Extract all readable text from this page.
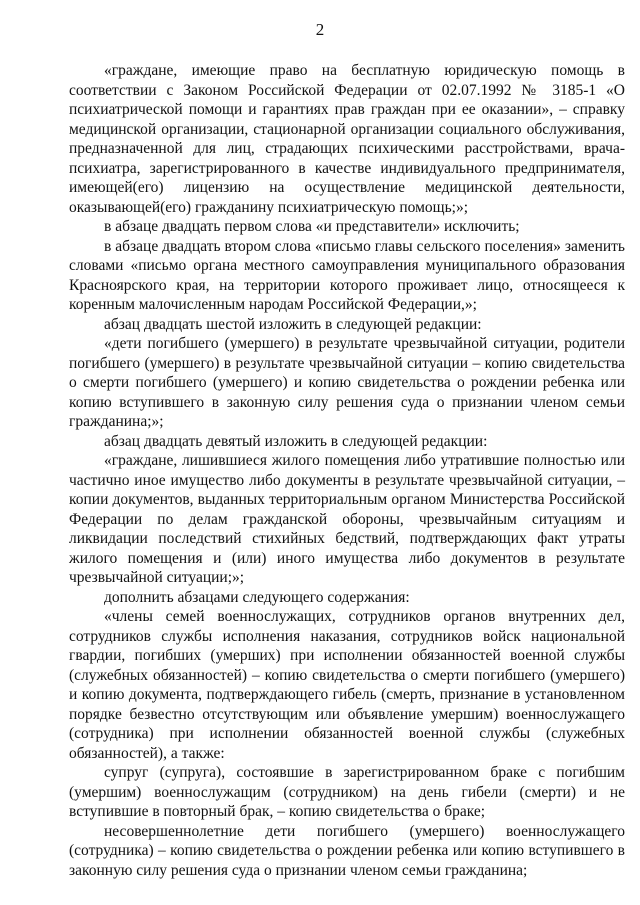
2

«граждане, имеющие право на бесплатную юридическую помощь в соответствии с Законом Российской Федерации от 02.07.1992 № 3185-1 «О психиатрической помощи и гарантиях прав граждан при ее оказании», – справку медицинской организации, стационарной организации социального обслуживания, предназначенной для лиц, страдающих психическими расстройствами, врача-психиатра, зарегистрированного в качестве индивидуального предпринимателя, имеющей(его) лицензию на осуществление медицинской деятельности, оказывающей(его) гражданину психиатрическую помощь;»;

в абзаце двадцать первом слова «и представители» исключить;

в абзаце двадцать втором слова «письмо главы сельского поселения» заменить словами «письмо органа местного самоуправления муниципального образования Красноярского края, на территории которого проживает лицо, относящееся к коренным малочисленным народам Российской Федерации,»;

абзац двадцать шестой изложить в следующей редакции:

«дети погибшего (умершего) в результате чрезвычайной ситуации, родители погибшего (умершего) в результате чрезвычайной ситуации – копию свидетельства о смерти погибшего (умершего) и копию свидетельства о рождении ребенка или копию вступившего в законную силу решения суда о признании членом семьи гражданина;»;

абзац двадцать девятый изложить в следующей редакции:

«граждане, лишившиеся жилого помещения либо утратившие полностью или частично иное имущество либо документы в результате чрезвычайной ситуации, – копии документов, выданных территориальным органом Министерства Российской Федерации по делам гражданской обороны, чрезвычайным ситуациям и ликвидации последствий стихийных бедствий, подтверждающих факт утраты жилого помещения и (или) иного имущества либо документов в результате чрезвычайной ситуации;»;

дополнить абзацами следующего содержания:

«члены семей военнослужащих, сотрудников органов внутренних дел, сотрудников службы исполнения наказания, сотрудников войск национальной гвардии, погибших (умерших) при исполнении обязанностей военной службы (служебных обязанностей) – копию свидетельства о смерти погибшего (умершего) и копию документа, подтверждающего гибель (смерть, признание в установленном порядке безвестно отсутствующим или объявление умершим) военнослужащего (сотрудника) при исполнении обязанностей военной службы (служебных обязанностей), а также:

супруг (супруга), состоявшие в зарегистрированном браке с погибшим (умершим) военнослужащим (сотрудником) на день гибели (смерти) и не вступившие в повторный брак, – копию свидетельства о браке;

несовершеннолетние дети погибшего (умершего) военнослужащего (сотрудника) – копию свидетельства о рождении ребенка или копию вступившего в законную силу решения суда о признании членом семьи гражданина;
